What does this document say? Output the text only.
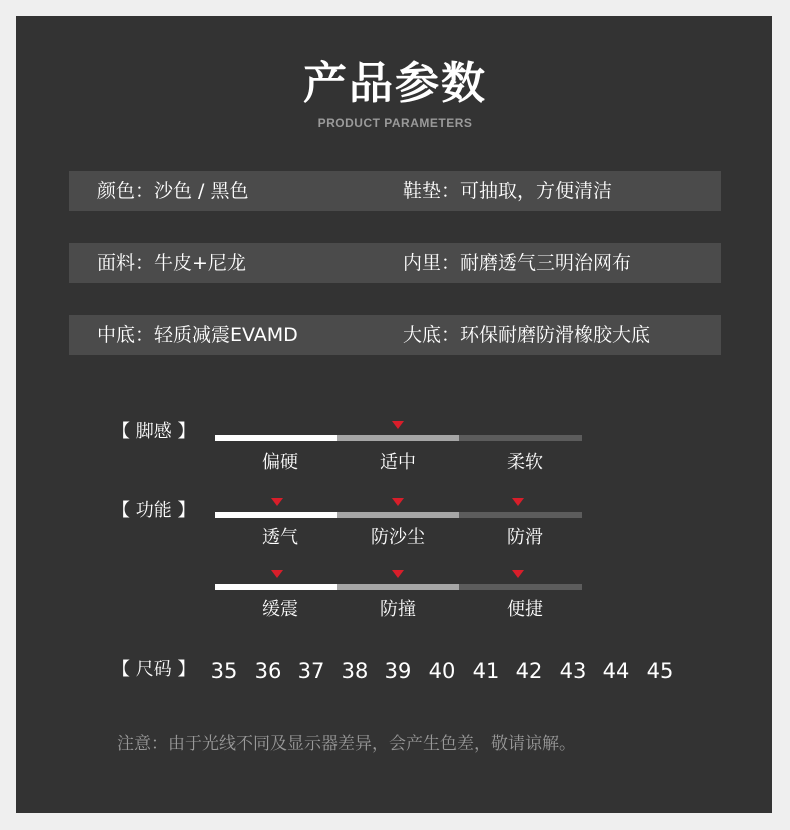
产品参数
PRODUCT PARAMETERS
颜色：沙色 / 黑色	鞋垫：可抽取，方便清洁
面料：牛皮+尼龙	内里：耐磨透气三明治网布
中底：轻质减震EVAMD	大底：环保耐磨防滑橡胶大底
【 脚感 】
偏硬	适中	柔软
【 功能 】
透气	防沙尘	防滑
缓震	防撞	便捷
【 尺码 】 35 36 37 38 39 40 41 42 43 44 45
注意：由于光线不同及显示器差异，会产生色差，敬请谅解。
